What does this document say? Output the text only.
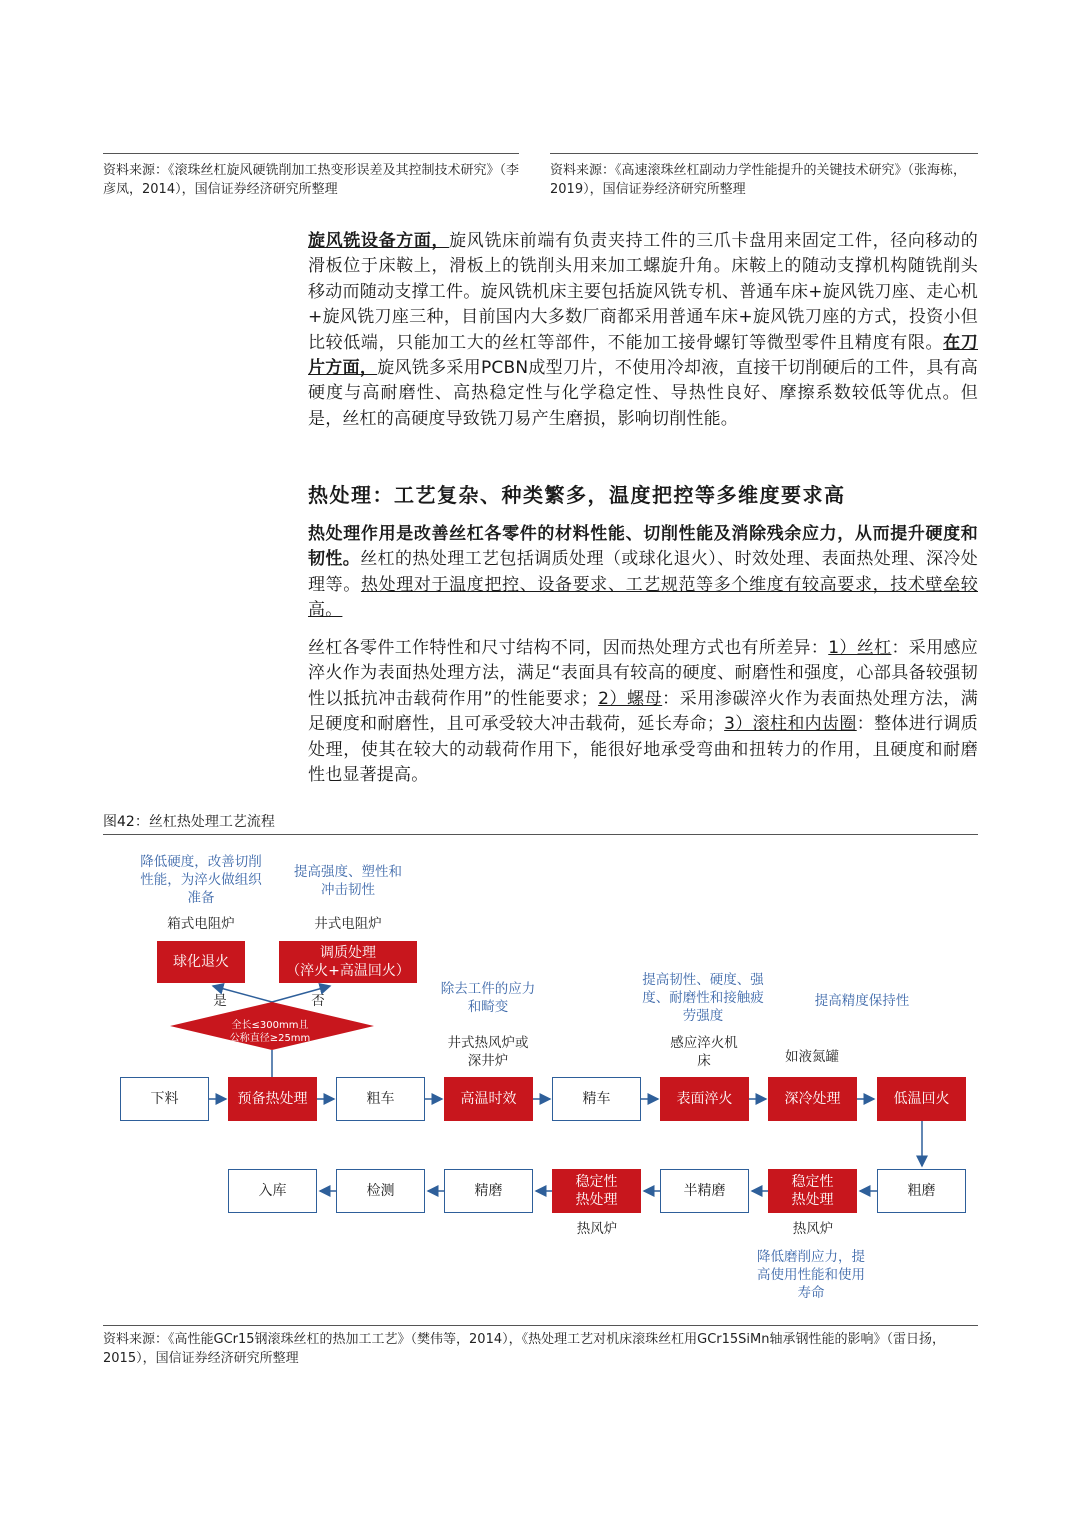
资料来源：《滚珠丝杠旋风硬铣削加工热变形误差及其控制技术研究》（李彦凤，2014），国信证券经济研究所整理
资料来源：《高速滚珠丝杠副动力学性能提升的关键技术研究》（张海栋，2019），国信证券经济研究所整理
旋风铣设备方面，旋风铣床前端有负责夹持工件的三爪卡盘用来固定工件，径向移动的滑板位于床鞍上，滑板上的铣削头用来加工螺旋升角。床鞍上的随动支撑机构随铣削头移动而随动支撑工件。旋风铣机床主要包括旋风铣专机、普通车床+旋风铣刀座、走心机+旋风铣刀座三种，目前国内大多数厂商都采用普通车床+旋风铣刀座的方式，投资小但比较低端，只能加工大的丝杠等部件，不能加工接骨螺钉等微型零件且精度有限。在刀片方面，旋风铣多采用PCBN成型刀片，不使用冷却液，直接干切削硬后的工件，具有高硬度与高耐磨性、高热稳定性与化学稳定性、导热性良好、摩擦系数较低等优点。但是，丝杠的高硬度导致铣刀易产生磨损，影响切削性能。
热处理：工艺复杂、种类繁多，温度把控等多维度要求高
热处理作用是改善丝杠各零件的材料性能、切削性能及消除残余应力，从而提升硬度和韧性。丝杠的热处理工艺包括调质处理（或球化退火）、时效处理、表面热处理、深冷处理等。热处理对于温度把控、设备要求、工艺规范等多个维度有较高要求，技术壁垒较高。
丝杠各零件工作特性和尺寸结构不同，因而热处理方式也有所差异：1）丝杠：采用感应淬火作为表面热处理方法，满足“表面具有较高的硬度、耐磨性和强度，心部具备较强韧性以抵抗冲击载荷作用”的性能要求；2）螺母：采用渗碳淬火作为表面热处理方法，满足硬度和耐磨性，且可承受较大冲击载荷，延长寿命；3）滚柱和内齿圈：整体进行调质处理，使其在较大的动载荷作用下，能很好地承受弯曲和扭转力的作用，且硬度和耐磨性也显著提高。
图42：丝杠热处理工艺流程
全长≤300mm且
公称直径≥25mm
是	否
球化退火
调质处理
（淬火+高温回火）
下料	预备热处理	粗车	高温时效	精车	表面淬火	深冷处理	低温回火
入库	检测	精磨
稳定性热处理
半精磨
稳定性热处理
粗磨
箱式电阻炉	井式电阻炉
井式热风炉或深井炉
感应淬火机床	如液氮罐
热风炉	热风炉
降低硬度，改善切削性能，为淬火做组织准备
提高强度、塑性和冲击韧性
除去工件的应力和畸变
提高韧性、硬度、强度、耐磨性和接触疲劳强度
提高精度保持性
降低磨削应力，提高使用性能和使用寿命
资料来源：《高性能GCr15钢滚珠丝杠的热加工工艺》（樊伟等，2014），《热处理工艺对机床滚珠丝杠用GCr15SiMn轴承钢性能的影响》（雷日扬，2015），国信证券经济研究所整理
